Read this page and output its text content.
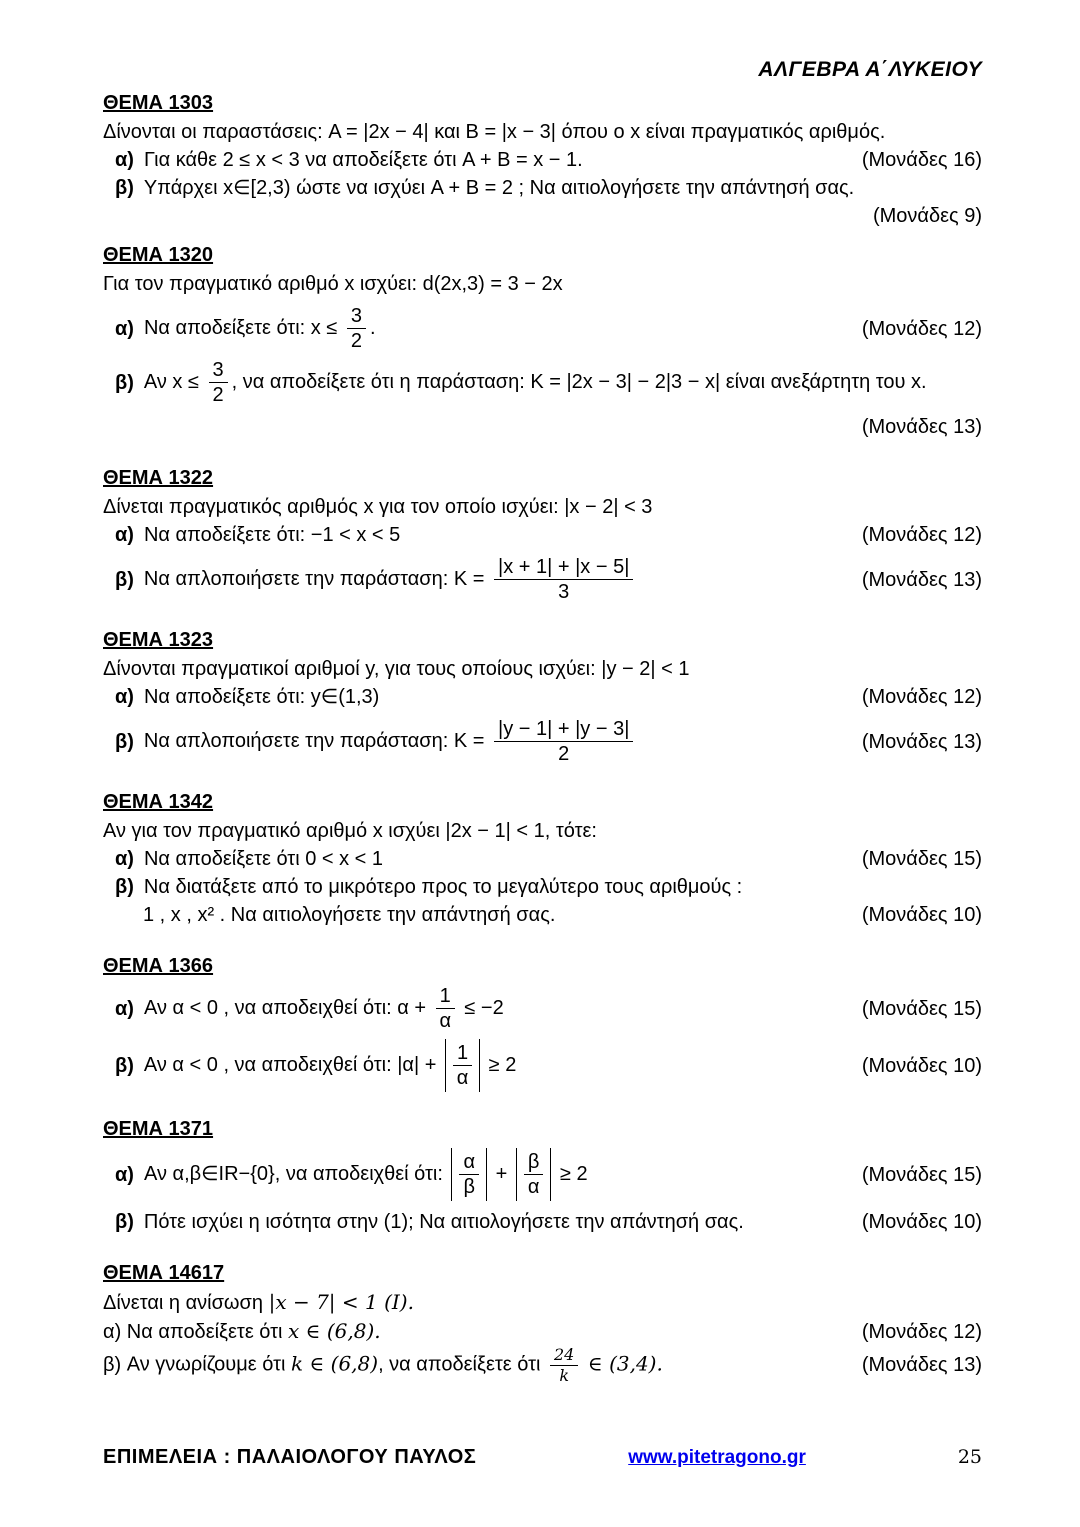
ΑΛΓΕΒΡΑ Α΄ΛΥΚΕΙΟΥ
ΘΕΜΑ 1303
Δίνονται οι παραστάσεις: A = |2x − 4| και B = |x − 3| όπου ο x είναι πραγματικός αριθμός.
α) Για κάθε 2 ≤ x < 3 να αποδείξετε ότι A + B = x − 1.	(Μονάδες 16)
β) Υπάρχει x∈[2,3) ώστε να ισχύει A + B = 2 ; Να αιτιολογήσετε την απάντησή σας.
(Μονάδες 9)
ΘΕΜΑ 1320
Για τον πραγματικό αριθμό x ισχύει: d(2x,3) = 3 − 2x
α) Να αποδείξετε ότι: $x \le \frac{3}{2}$ .	(Μονάδες 12)
β) Αν $x \le \frac{3}{2}$ , να αποδείξετε ότι η παράσταση: K = |2x − 3| − 2|3 − x| είναι ανεξάρτητη του x.
(Μονάδες 13)
ΘΕΜΑ 1322
Δίνεται πραγματικός αριθμός x για τον οποίο ισχύει: |x − 2| < 3
α) Να αποδείξετε ότι: −1 < x < 5	(Μονάδες 12)
β) Να απλοποιήσετε την παράσταση: $K = \frac{|x + 1| + |x - 5|}{3}$	(Μονάδες 13)
ΘΕΜΑ 1323
Δίνονται πραγματικοί αριθμοί y, για τους οποίους ισχύει: |y − 2| < 1
α) Να αποδείξετε ότι: y∈(1,3)	(Μονάδες 12)
β) Να απλοποιήσετε την παράσταση: $K = \frac{|y - 1| + |y - 3|}{2}$	(Μονάδες 13)
ΘΕΜΑ 1342
Αν για τον πραγματικό αριθμό x ισχύει |2x − 1| < 1, τότε:
α) Να αποδείξετε ότι 0 < x < 1	(Μονάδες 15)
β) Να διατάξετε από το μικρότερο προς το μεγαλύτερο τους αριθμούς :
1 , x , x² . Να αιτιολογήσετε την απάντησή σας.	(Μονάδες 10)
ΘΕΜΑ 1366
α) Αν α < 0 , να αποδειχθεί ότι: $\alpha + \frac{1}{\alpha} \le -2$	(Μονάδες 15)
β) Αν α < 0 , να αποδειχθεί ότι: $|\alpha| + \frac{1}{\alpha} \ge 2$	(Μονάδες 10)
ΘΕΜΑ 1371
α) Αν α,β∈IR−{0}, να αποδειχθεί ότι: $\frac{\alpha}{\beta} + \frac{\beta}{\alpha} \ge 2$	(Μονάδες 15)
β) Πότε ισχύει η ισότητα στην (1); Να αιτιολογήσετε την απάντησή σας.	(Μονάδες 10)
ΘΕΜΑ 14617
Δίνεται η ανίσωση |x − 7| < 1 (I).
α)
Να αποδείξετε ότι x ∈ (6,8).	(Μονάδες 12)
β)
Αν γνωρίζουμε ότι k ∈ (6,8), να αποδείξετε ότι $\frac{24}{k}$ ∈ (3,4).	(Μονάδες 13)
ΕΠΙΜΕΛΕΙΑ : ΠΑΛΑΙΟΛΟΓΟΥ ΠΑΥΛΟΣ	www.pitetragono.gr	25
